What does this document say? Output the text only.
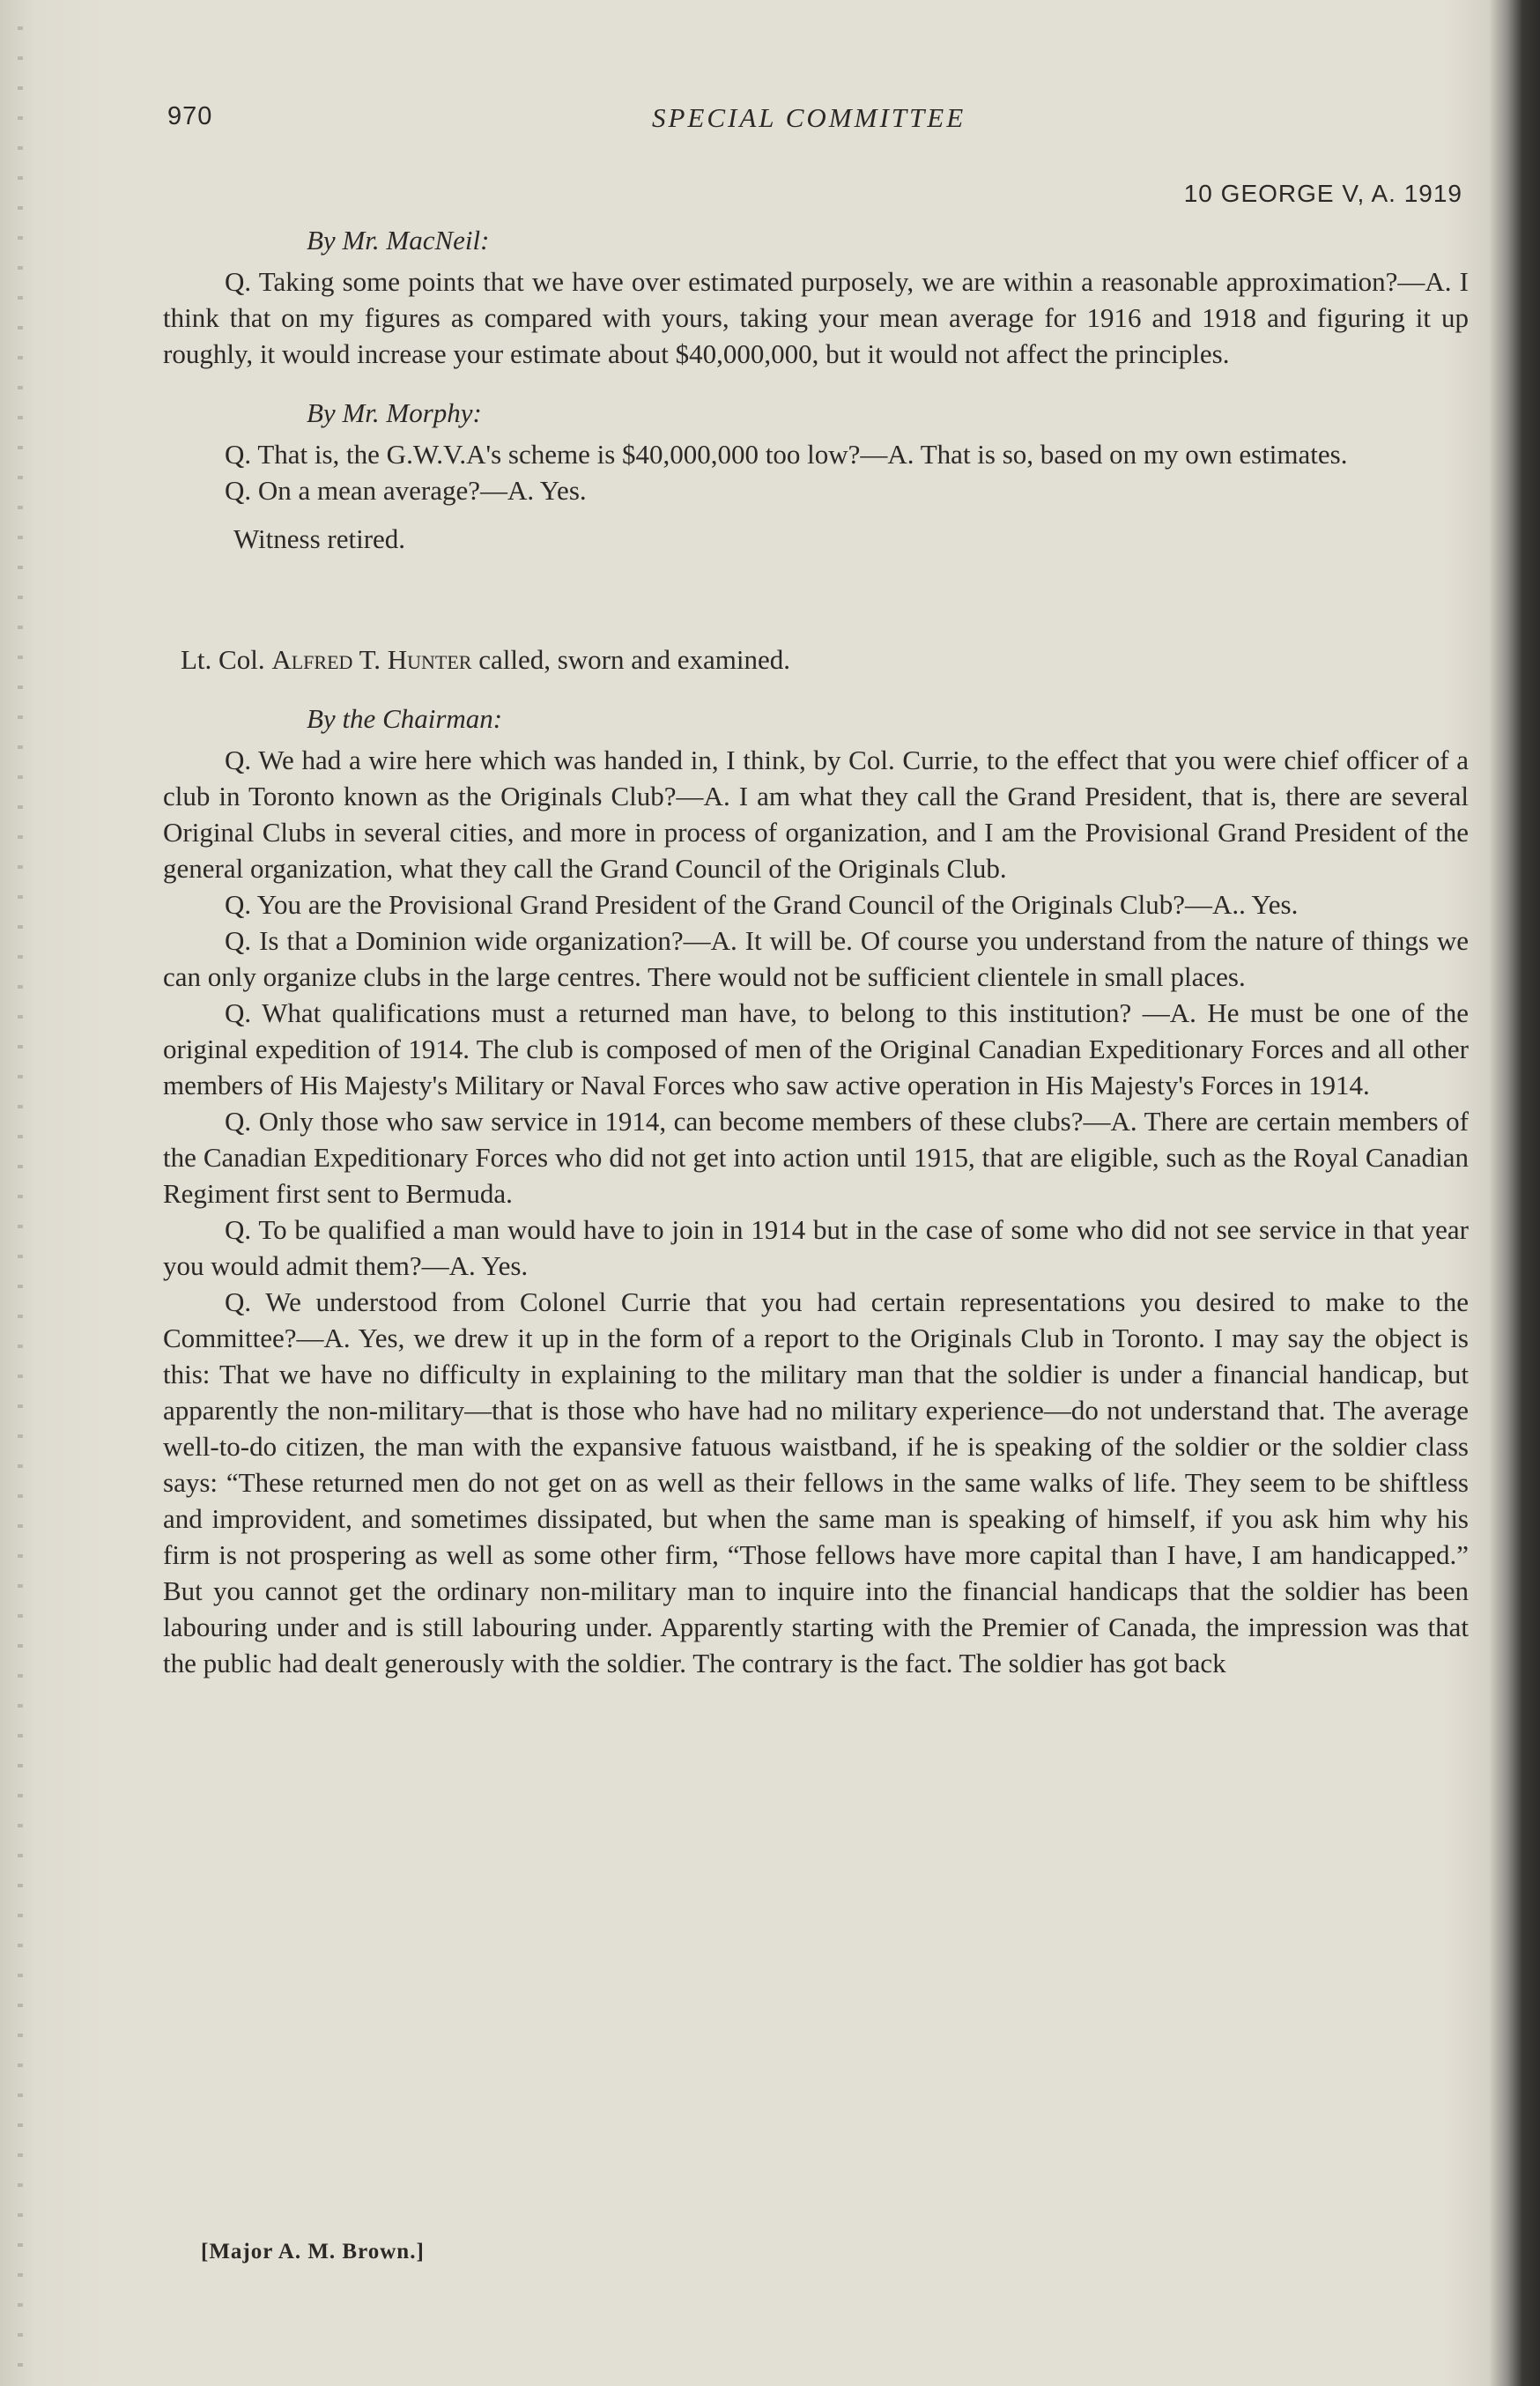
970	SPECIAL COMMITTEE
10 GEORGE V, A. 1919

By Mr. MacNeil:

Q. Taking some points that we have over estimated purposely, we are within a reasonable approximation?—A. I think that on my figures as compared with yours, taking your mean average for 1916 and 1918 and figuring it up roughly, it would increase your estimate about $40,000,000, but it would not affect the principles.

By Mr. Morphy:

Q. That is, the G.W.V.A's scheme is $40,000,000 too low?—A. That is so, based on my own estimates.

Q. On a mean average?—A. Yes.

Witness retired.

Lt. Col. Alfred T. Hunter called, sworn and examined.

By the Chairman:

Q. We had a wire here which was handed in, I think, by Col. Currie, to the effect that you were chief officer of a club in Toronto known as the Originals Club?—A. I am what they call the Grand President, that is, there are several Original Clubs in several cities, and more in process of organization, and I am the Provisional Grand President of the general organization, what they call the Grand Council of the Originals Club.

Q. You are the Provisional Grand President of the Grand Council of the Originals Club?—A.. Yes.

Q. Is that a Dominion wide organization?—A. It will be. Of course you understand from the nature of things we can only organize clubs in the large centres. There would not be sufficient clientele in small places.

Q. What qualifications must a returned man have, to belong to this institution? —A. He must be one of the original expedition of 1914. The club is composed of men of the Original Canadian Expeditionary Forces and all other members of His Majesty's Military or Naval Forces who saw active operation in His Majesty's Forces in 1914.

Q. Only those who saw service in 1914, can become members of these clubs?—A. There are certain members of the Canadian Expeditionary Forces who did not get into action until 1915, that are eligible, such as the Royal Canadian Regiment first sent to Bermuda.

Q. To be qualified a man would have to join in 1914 but in the case of some who did not see service in that year you would admit them?—A. Yes.

Q. We understood from Colonel Currie that you had certain representations you desired to make to the Committee?—A. Yes, we drew it up in the form of a report to the Originals Club in Toronto. I may say the object is this: That we have no difficulty in explaining to the military man that the soldier is under a financial handicap, but apparently the non-military—that is those who have had no military experience—do not understand that. The average well-to-do citizen, the man with the expansive fatuous waistband, if he is speaking of the soldier or the soldier class says: “These returned men do not get on as well as their fellows in the same walks of life. They seem to be shiftless and improvident, and sometimes dissipated, but when the same man is speaking of himself, if you ask him why his firm is not prospering as well as some other firm, “Those fellows have more capital than I have, I am handicapped.” But you cannot get the ordinary non-military man to inquire into the financial handicaps that the soldier has been labouring under and is still labouring under. Apparently starting with the Premier of Canada, the impression was that the public had dealt generously with the soldier. The contrary is the fact. The soldier has got back

[Major A. M. Brown.]
